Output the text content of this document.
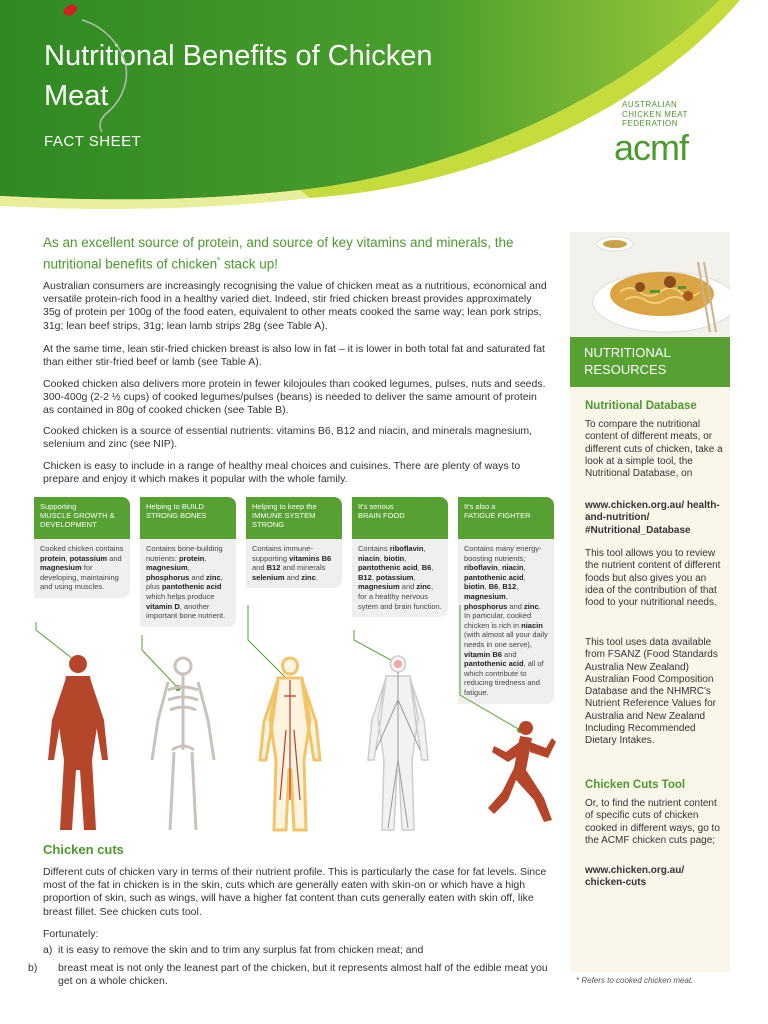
Nutritional Benefits of Chicken Meat
FACT SHEET
AUSTRALIAN CHICKEN MEAT FEDERATION
acmf
As an excellent source of protein, and source of key vitamins and minerals, the nutritional benefits of chicken* stack up!

Australian consumers are increasingly recognising the value of chicken meat as a nutritious, economical and versatile protein-rich food in a healthy varied diet. Indeed, stir fried chicken breast provides approximately 35g of protein per 100g of the food eaten, equivalent to other meats cooked the same way; lean pork strips, 31g; lean beef strips, 31g; lean lamb strips 28g (see Table A).

At the same time, lean stir-fried chicken breast is also low in fat – it is lower in both total fat and saturated fat than either stir-fried beef or lamb (see Table A).

Cooked chicken also delivers more protein in fewer kilojoules than cooked legumes, pulses, nuts and seeds. 300-400g (2-2 ½ cups) of cooked legumes/pulses (beans) is needed to deliver the same amount of protein as contained in 80g of cooked chicken (see Table B).

Cooked chicken is a source of essential nutrients: vitamins B6, B12 and niacin, and minerals magnesium, selenium and zinc (see NIP).

Chicken is easy to include in a range of healthy meal choices and cuisines. There are plenty of ways to prepare and enjoy it which makes it popular with the whole family.

Supporting
MUSCLE GROWTH & DEVELOPMENT
Cooked chicken contains protein, potassium and magnesium for developing, maintaining and using muscles.
Helping to BUILD
STRONG BONES
Contains bone-building nutrients: protein, magnesium, phosphorus and zinc, plus pantothenic acid which helps produce vitamin D, another important bone nutrient.
Helping to keep the
IMMUNE SYSTEM STRONG
Contains immune-supporting vitamins B6 and B12 and minerals selenium and zinc.
It's serious
BRAIN FOOD
Contains riboflavin, niacin, biotin, pantothenic acid, B6, B12, potassium, magnesium and zinc, for a healthy nervous sytem and brain function.
It's also a
FATIGUE FIGHTER
Contains many energy-boosting nutrients; riboflavin, niacin, pantothenic acid, biotin, B6, B12, magnesium, phosphorus and zinc. In particular, cooked chicken is rich in niacin (with almost all your daily needs in one serve), vitamin B6 and pantothenic acid, all of which contribute to reducing tiredness and fatigue.
Chicken cuts

Different cuts of chicken vary in terms of their nutrient profile. This is particularly the case for fat levels. Since most of the fat in chicken is in the skin, cuts which are generally eaten with skin-on or which have a high proportion of skin, such as wings, will have a higher fat content than cuts generally eaten with skin off, like breast fillet. See chicken cuts tool.

Fortunately:
a) it is easy to remove the skin and to trim any surplus fat from chicken meat; and
b) breast meat is not only the leanest part of the chicken, but it represents almost half of the edible meat you get on a whole chicken.
NUTRITIONAL RESOURCES
Nutritional Database

To compare the nutritional content of different meats, or different cuts of chicken, take a look at a simple tool, the Nutritional Database, on

www.chicken.org.au/ health-and-nutrition/ #Nutritional_Database

This tool allows you to review the nutrient content of different foods but also gives you an idea of the contribution of that food to your nutritional needs.

This tool uses data available from FSANZ (Food Standards Australia New Zealand) Australian Food Composition Database and the NHMRC's Nutrient Reference Values for Australia and New Zealand Including Recommended Dietary Intakes.

Chicken Cuts Tool

Or, to find the nutrient content of specific cuts of chicken cooked in different ways, go to the ACMF chicken cuts page;

www.chicken.org.au/ chicken-cuts

* Refers to cooked chicken meat.
